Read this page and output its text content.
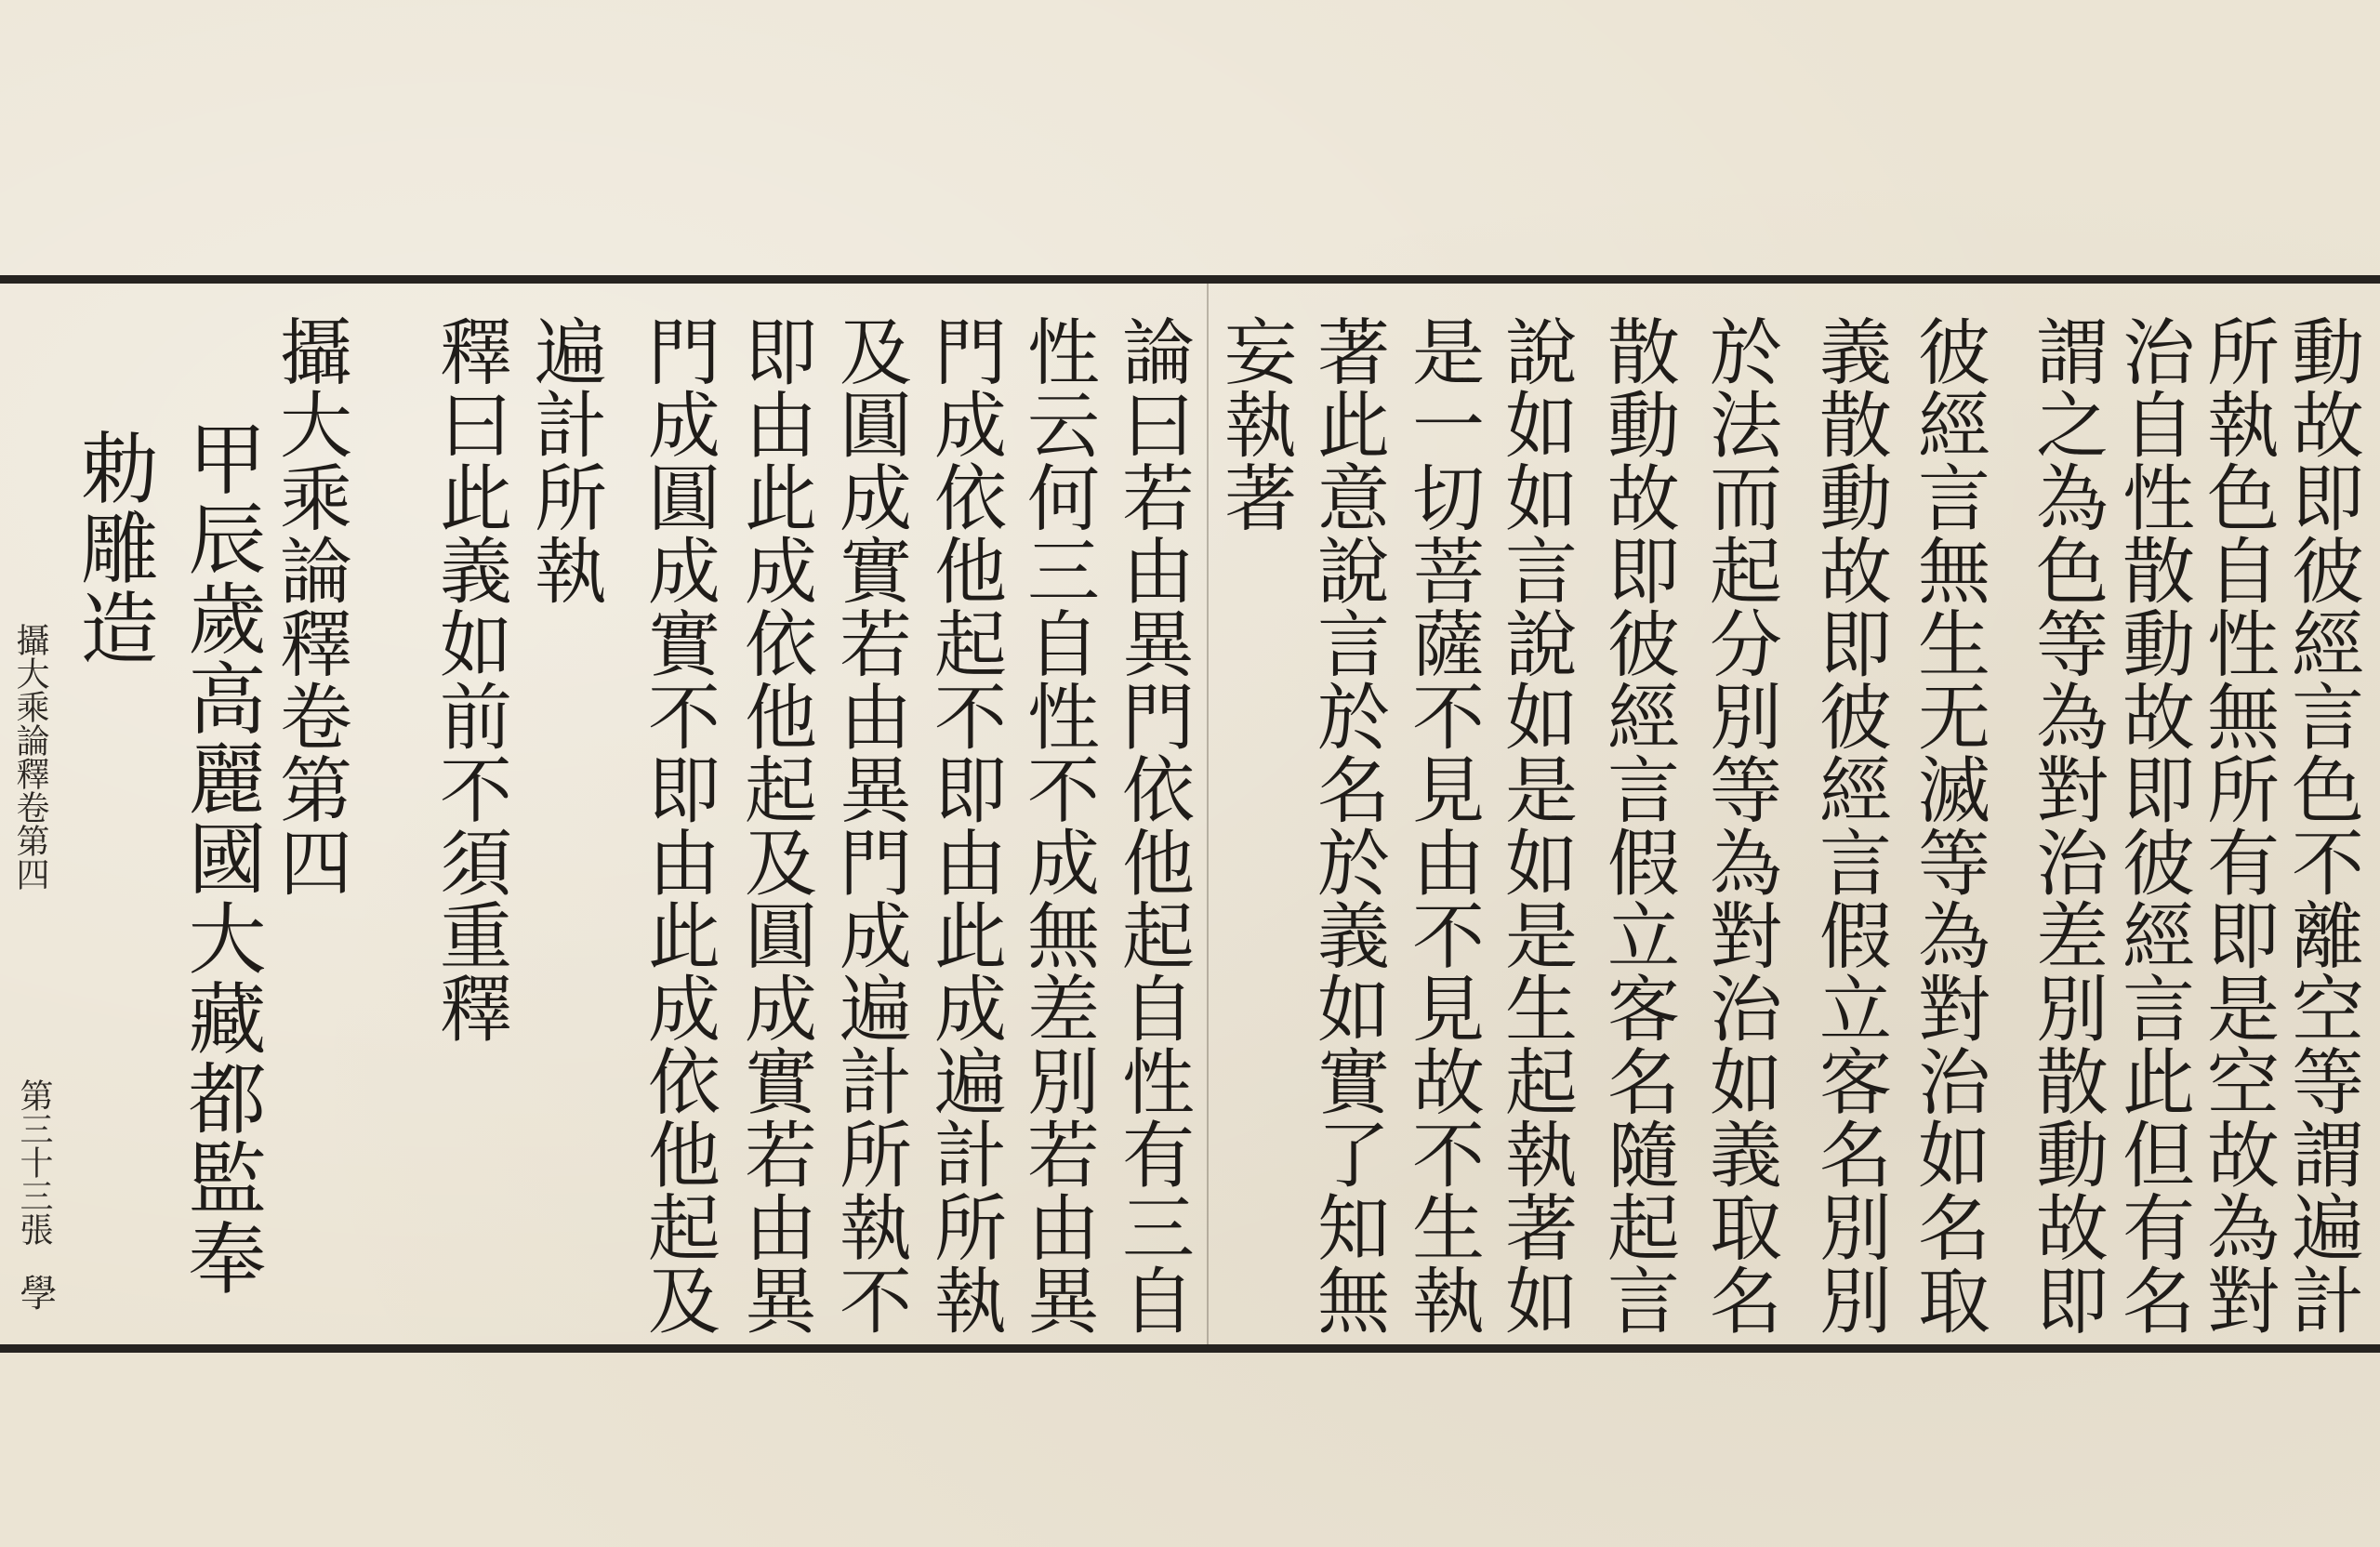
動故即彼經言色不離空等謂遍計
所執色自性無所有即是空故為對
治自性散動故即彼經言此但有名
謂之為色等為對治差別散動故即
彼經言無生无滅等為對治如名取
義散動故即彼經言假立客名別別
於法而起分別等為對治如義取名
散動故即彼經言假立客名隨起言
說如如言說如是如是生起執著如
是一切菩薩不見由不見故不生執
著此意說言於名於義如實了知無
妄執著
論曰若由異門依他起自性有三自
性云何三自性不成無差別若由異
門成依他起不即由此成遍計所執
及圓成實若由異門成遍計所執不
即由此成依他起及圓成實若由異
門成圓成實不即由此成依他起及
遍計所執
釋曰此義如前不須重釋
攝大乘論釋卷第四
甲辰歲高麗國大藏都監奉
勅雕造
攝大乘論釋卷第四
第三十三張
學
